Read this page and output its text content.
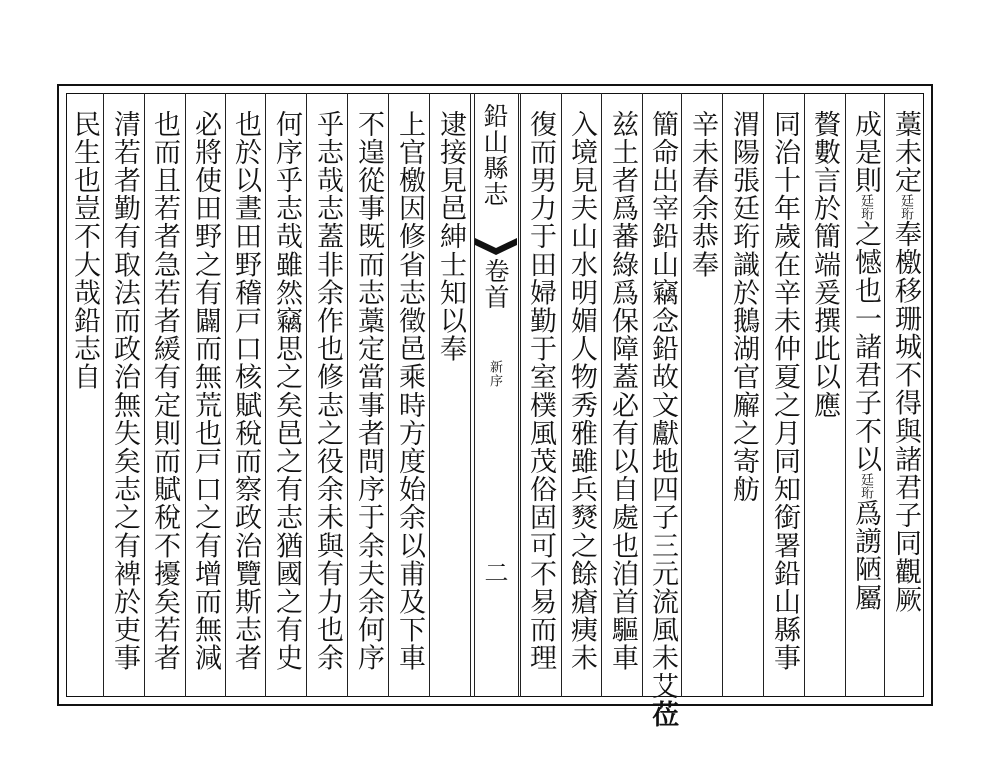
藁未定廷珩奉檄移珊城不得與諸君子同觀厥
成是則廷珩之憾也一諸君子不以廷珩爲謭陋屬
贅數言於簡端爰撰此以應
同治十年歲在辛未仲夏之月同知銜署鉛山縣事
渭陽張廷珩識於鵝湖官廨之寄舫
辛未春余恭奉
簡命出宰鉛山竊念鉛故文獻地四子三元流風未艾莅
兹土者爲蕃綠爲保障蓋必有以自處也洎首驅車
入境見夫山水明媚人物秀雅雖兵燹之餘瘡痍未
復而男力于田婦勤于室樸風茂俗固可不易而理
逮接見邑紳士知以奉
上官檄因修省志徵邑乘時方度始余以甫及下車
不遑從事既而志藁定當事者問序于余夫余何序
乎志哉志蓋非余作也修志之役余未與有力也余
何序乎志哉雖然竊思之矣邑之有志猶國之有史
也於以晝田野稽戸口核賦稅而察政治覽斯志者
必將使田野之有闢而無荒也戸口之有增而無減
也而且若者急若者緩有定則而賦稅不擾矣若者
清若者勤有取法而政治無失矣志之有裨於吏事
民生也豈不大哉鉛志自	鉛山縣志
卷首
新序
二
